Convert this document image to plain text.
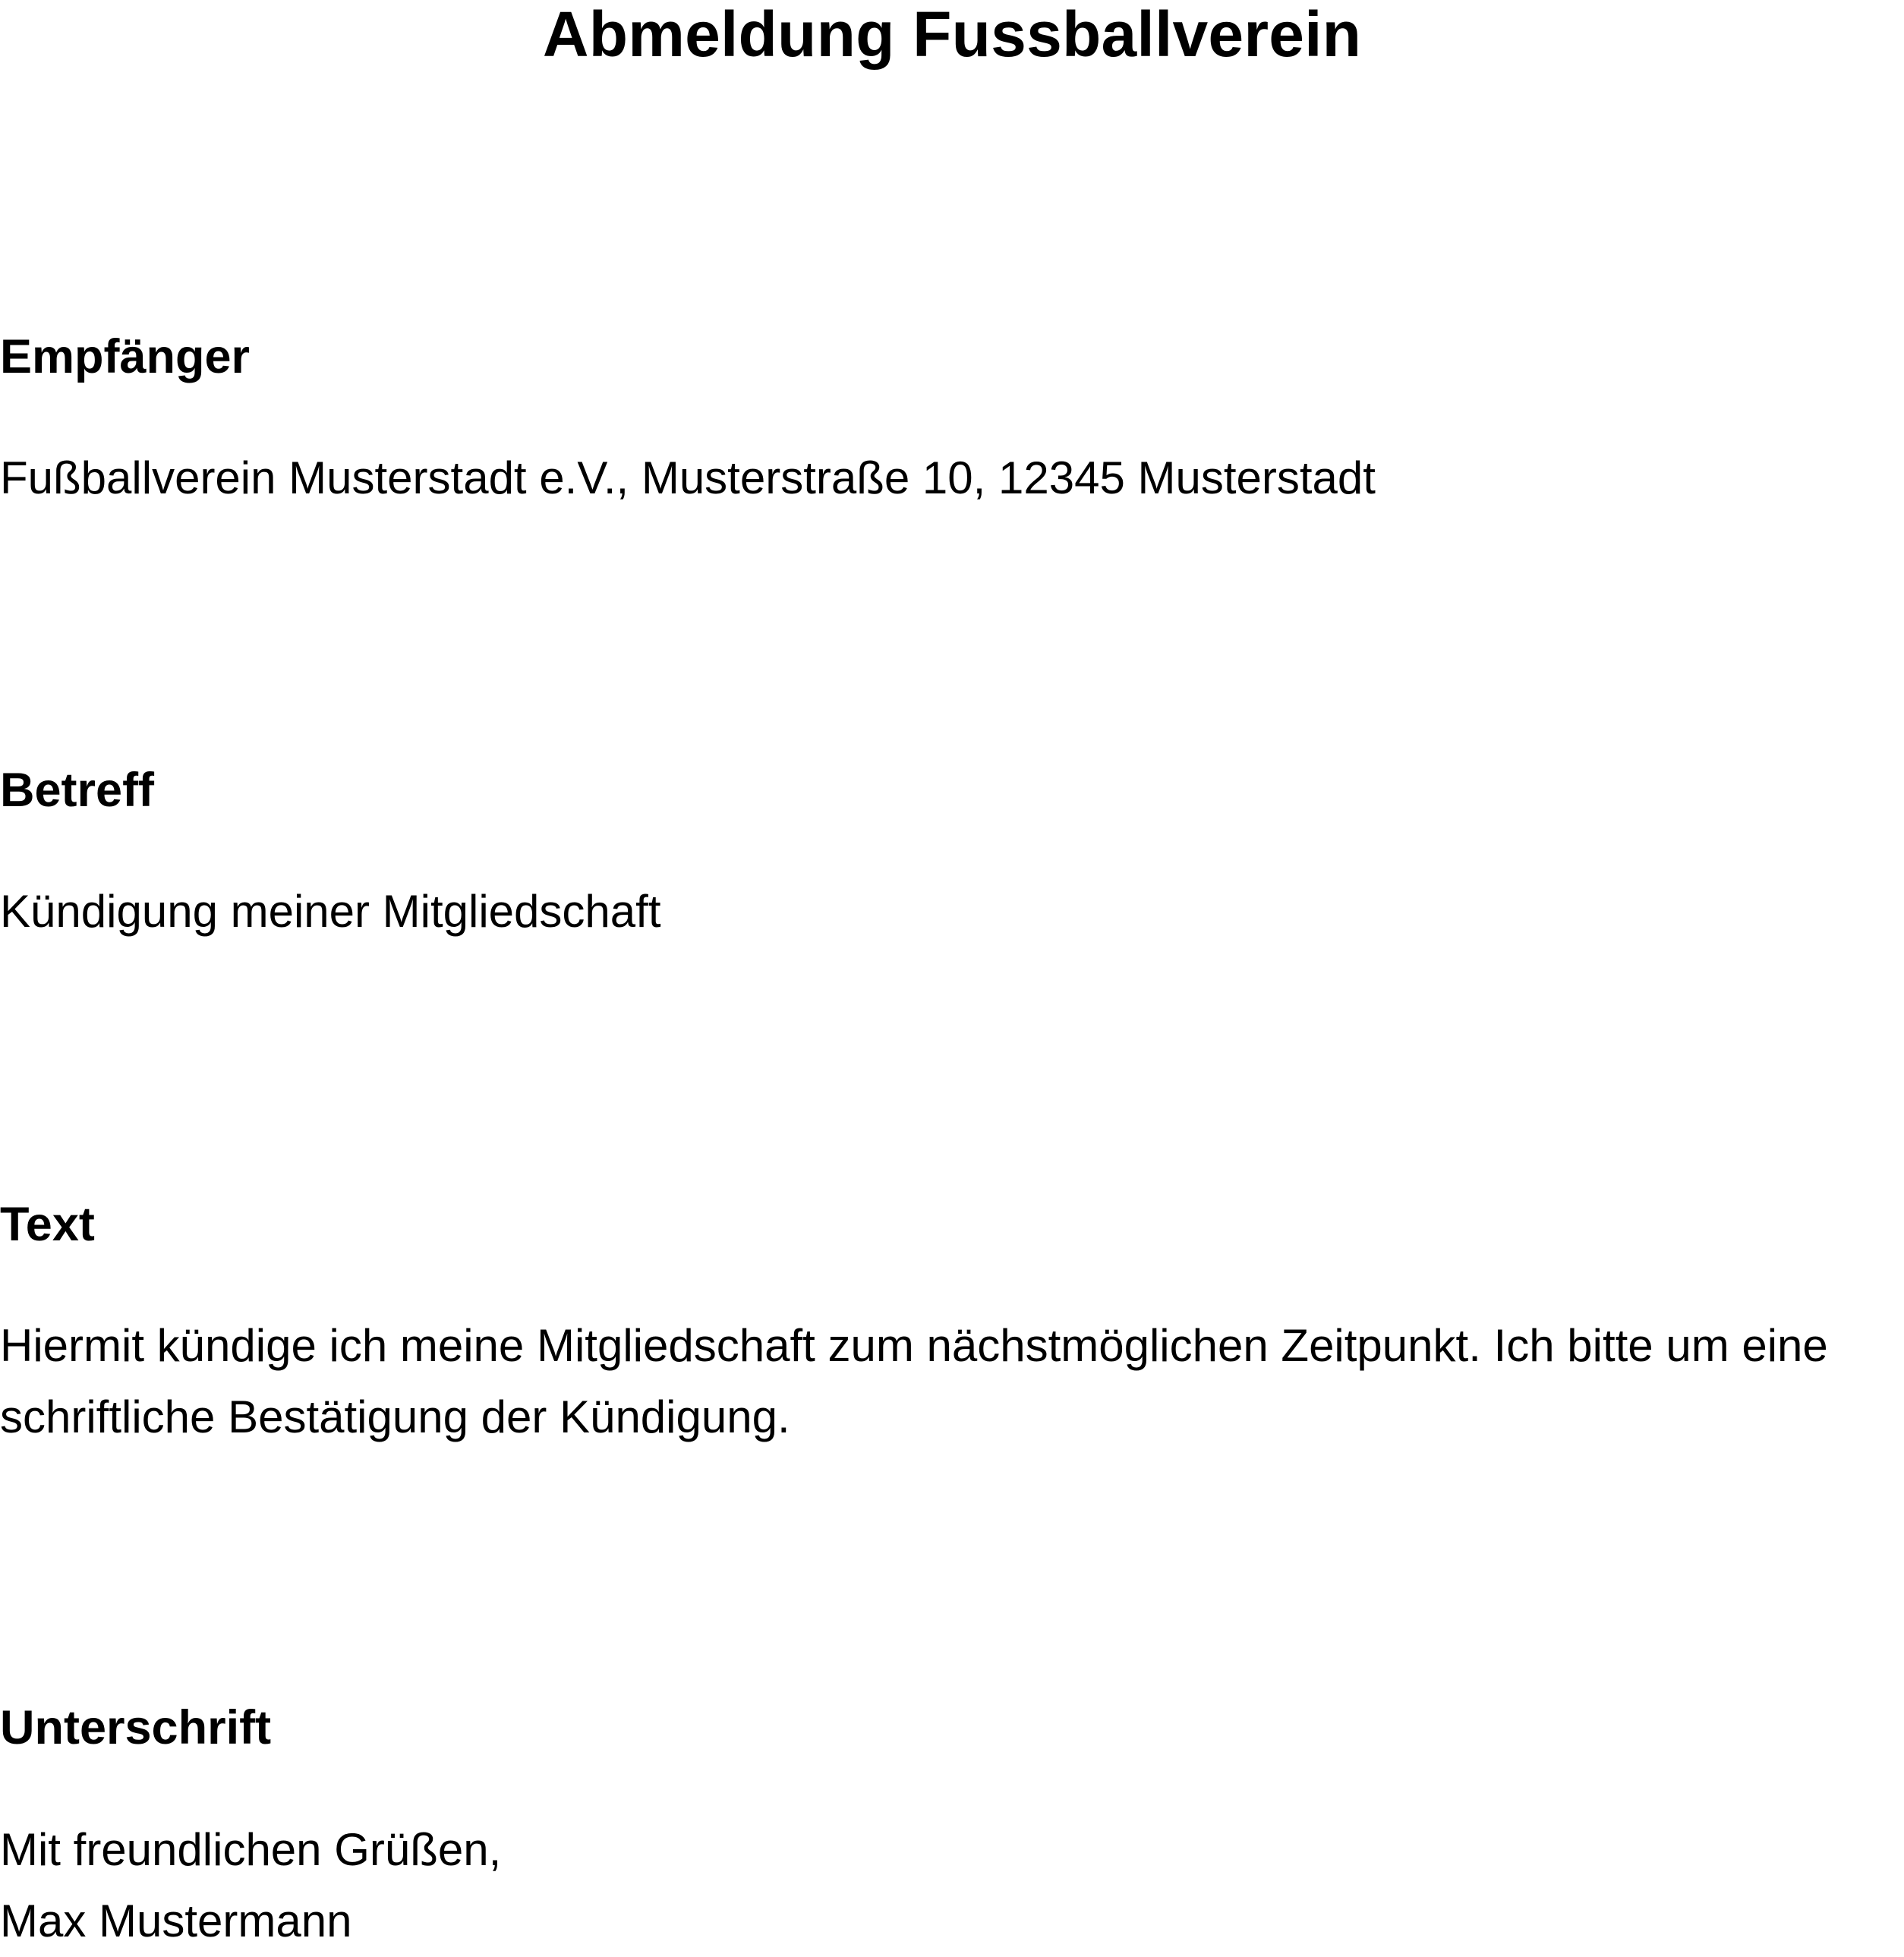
Abmeldung Fussballverein
Empfänger

Fußballverein Musterstadt e.V., Musterstraße 10, 12345 Musterstadt

Betreff

Kündigung meiner Mitgliedschaft

Text

Hiermit kündige ich meine Mitgliedschaft zum nächstmöglichen Zeitpunkt. Ich bitte um eine
schriftliche Bestätigung der Kündigung.

Unterschrift

Mit freundlichen Grüßen,
Max Mustermann
